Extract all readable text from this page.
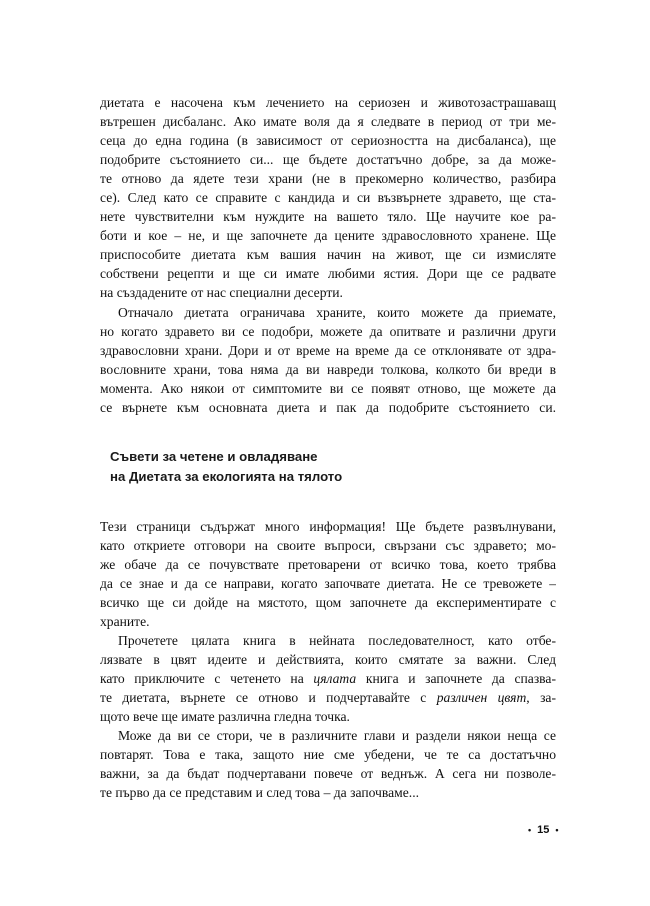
диетата е насочена към лечението на сериозен и животозастрашаващ
вътрешен дисбаланс. Ако имате воля да я следвате в период от три ме-
сеца до една година (в зависимост от сериозността на дисбаланса), ще
подобрите състоянието си... ще бъдете достатъчно добре, за да може-
те отново да ядете тези храни (не в прекомерно количество, разбира
се). След като се справите с кандида и си възвърнете здравето, ще ста-
нете чувствителни към нуждите на вашето тяло. Ще научите кое ра-
боти и кое – не, и ще започнете да цените здравословното хранене. Ще
приспособите диетата към вашия начин на живот, ще си измисляте
собствени рецепти и ще си имате любими ястия. Дори ще се радвате
на създадените от нас специални десерти.
Отначало диетата ограничава храните, които можете да приемате,
но когато здравето ви се подобри, можете да опитвате и различни други
здравословни храни. Дори и от време на време да се отклонявате от здра-
вословните храни, това няма да ви навреди толкова, колкото би вреди в
момента. Ако някои от симптомите ви се появят отново, ще можете да
се върнете към основната диета и пак да подобрите състоянието си.
Съвети за четене и овладяване
на Диетата за екологията на тялото
Тези страници съдържат много информация! Ще бъдете развълнувани,
като откриете отговори на своите въпроси, свързани със здравето; мо-
же обаче да се почувствате претоварени от всичко това, което трябва
да се знае и да се направи, когато започвате диетата. Не се тревожете –
всичко ще си дойде на мястото, щом започнете да експериментирате с
храните.
Прочетете цялата книга в нейната последователност, като отбе-
лязвате в цвят идеите и действията, които смятате за важни. След
като приключите с четенето на цялата книга и започнете да спазва-
те диетата, върнете се отново и подчертавайте с различен цвят, за-
щото вече ще имате различна гледна точка.
Може да ви се стори, че в различните глави и раздели някои неща се
повтарят. Това е така, защото ние сме убедени, че те са достатъчно
важни, за да бъдат подчертавани повече от веднъж. А сега ни позволе-
те първо да се представим и след това – да започваме...
• 15 •
